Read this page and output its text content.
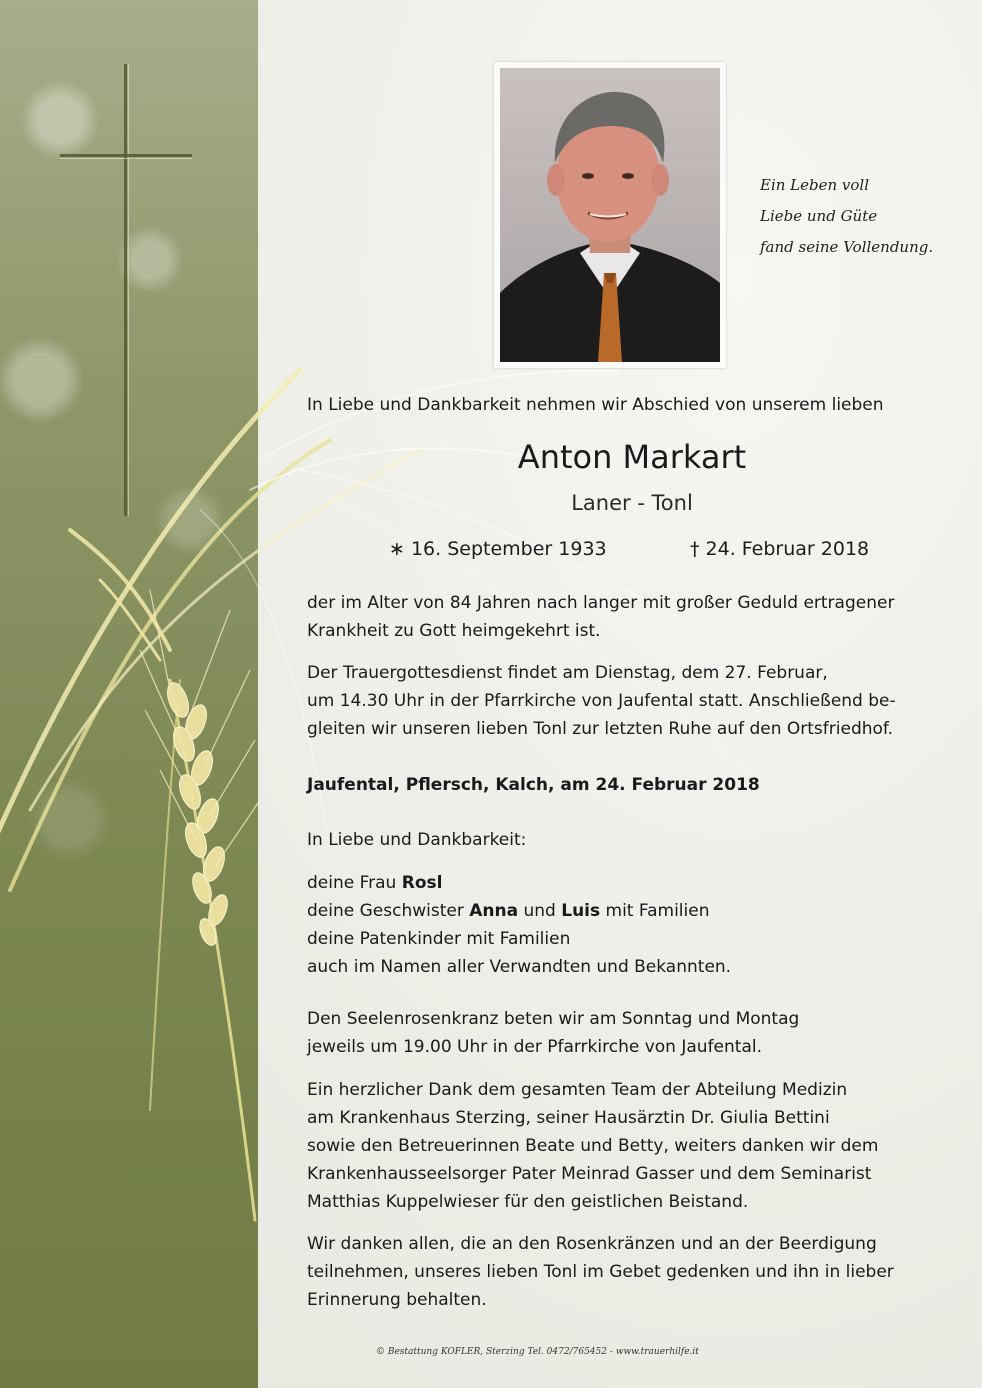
Ein Leben voll
Liebe und Güte
fand seine Vollendung.
In Liebe und Dankbarkeit nehmen wir Abschied von unserem lieben
Anton Markart
Laner - Tonl
∗ 16. September 1933	† 24. Februar 2018
der im Alter von 84 Jahren nach langer mit großer Geduld ertragener
Krankheit zu Gott heimgekehrt ist.
Der Trauergottesdienst findet am Dienstag, dem 27. Februar,
um 14.30 Uhr in der Pfarrkirche von Jaufental statt. Anschließend be-
gleiten wir unseren lieben Tonl zur letzten Ruhe auf den Ortsfriedhof.
Jaufental, Pflersch, Kalch, am 24. Februar 2018
In Liebe und Dankbarkeit:
deine Frau Rosl
deine Geschwister Anna und Luis mit Familien
deine Patenkinder mit Familien
auch im Namen aller Verwandten und Bekannten.
Den Seelenrosenkranz beten wir am Sonntag und Montag
jeweils um 19.00 Uhr in der Pfarrkirche von Jaufental.
Ein herzlicher Dank dem gesamten Team der Abteilung Medizin
am Krankenhaus Sterzing, seiner Hausärztin Dr. Giulia Bettini
sowie den Betreuerinnen Beate und Betty, weiters danken wir dem
Krankenhausseelsorger Pater Meinrad Gasser und dem Seminarist
Matthias Kuppelwieser für den geistlichen Beistand.
Wir danken allen, die an den Rosenkränzen und an der Beerdigung
teilnehmen, unseres lieben Tonl im Gebet gedenken und ihn in lieber
Erinnerung behalten.
© Bestattung KOFLER, Sterzing Tel. 0472/765452 - www.trauerhilfe.it
